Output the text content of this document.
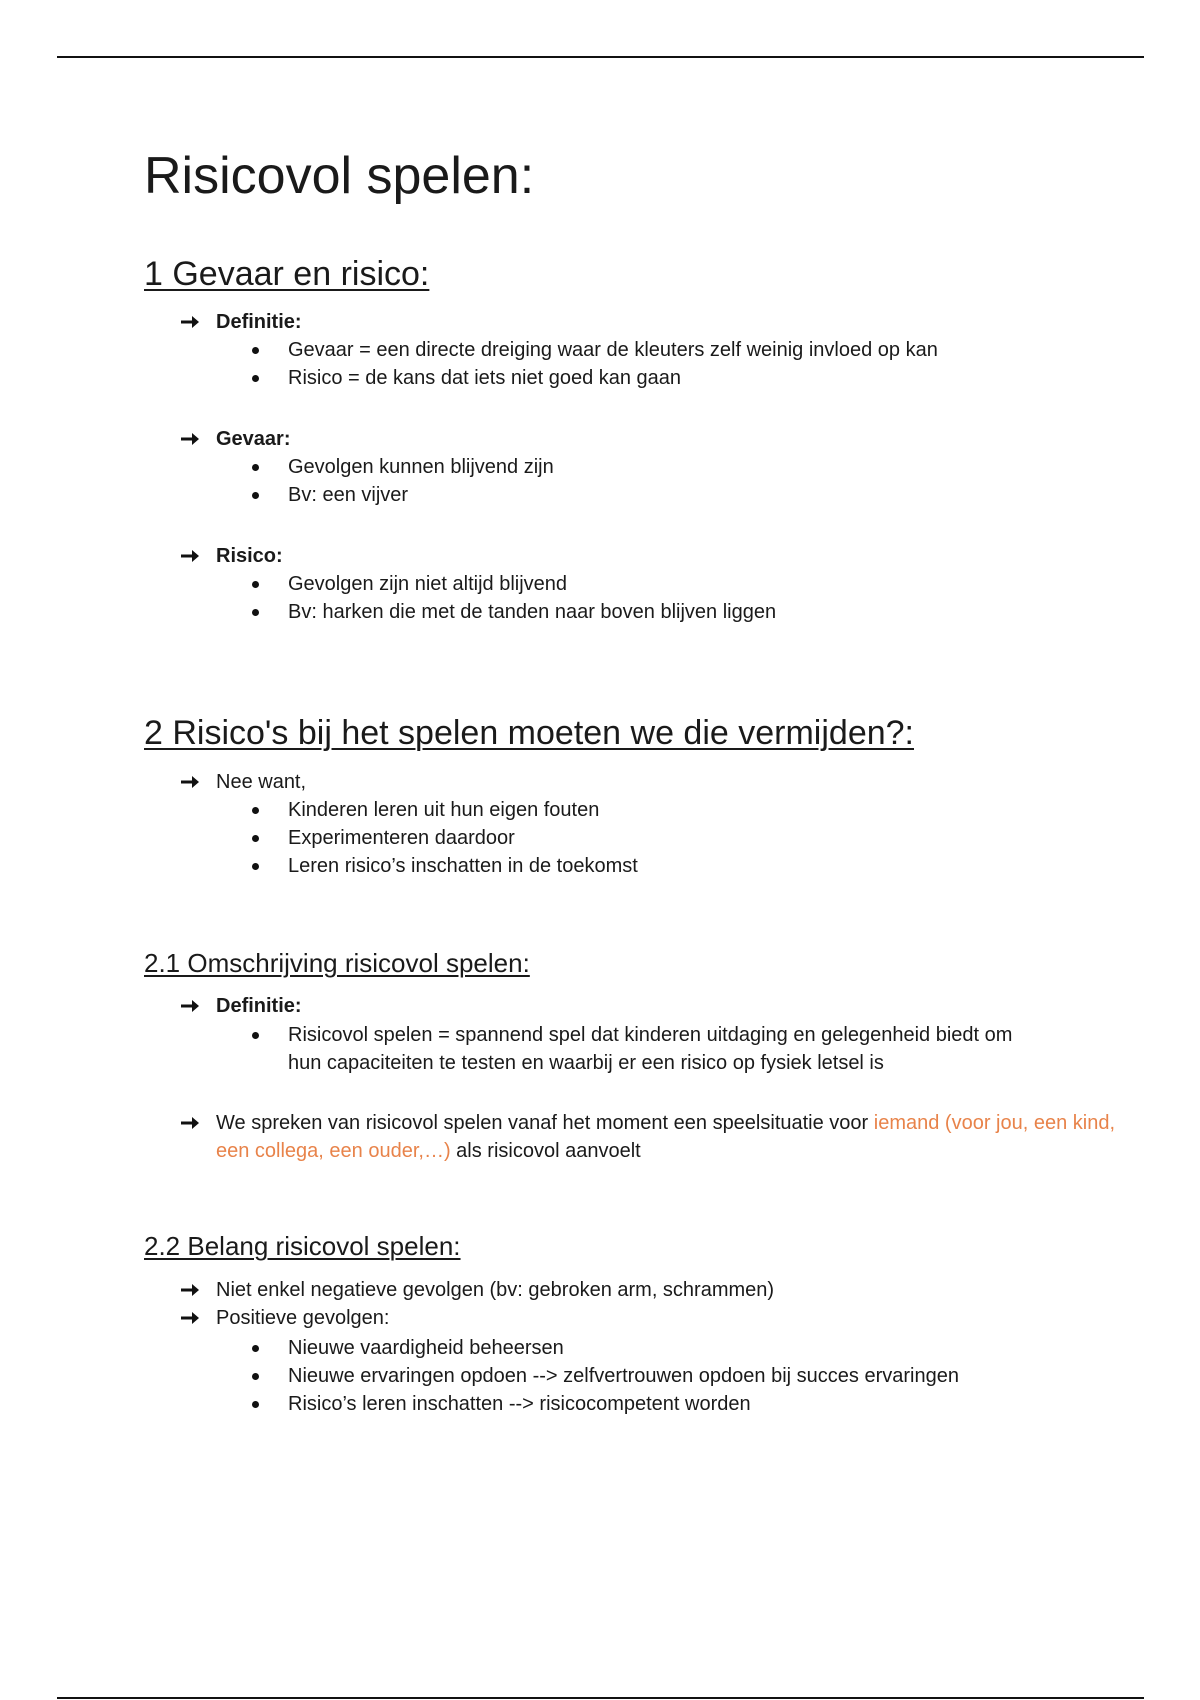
Risicovol spelen:
1 Gevaar en risico:
Definitie:
Gevaar = een directe dreiging waar de kleuters zelf weinig invloed op kan
Risico = de kans dat iets niet goed kan gaan
Gevaar:
Gevolgen kunnen blijvend zijn
Bv: een vijver
Risico:
Gevolgen zijn niet altijd blijvend
Bv: harken die met de tanden naar boven blijven liggen
2 Risico's bij het spelen moeten we die vermijden?:
Nee want,
Kinderen leren uit hun eigen fouten
Experimenteren daardoor
Leren risico’s inschatten in de toekomst
2.1 Omschrijving risicovol spelen:
Definitie:
Risicovol spelen = spannend spel dat kinderen uitdaging en gelegenheid biedt om hun capaciteiten te testen en waarbij er een risico op fysiek letsel is
We spreken van risicovol spelen vanaf het moment een speelsituatie voor iemand (voor jou, een kind, een collega, een ouder,…) als risicovol aanvoelt
2.2 Belang risicovol spelen:
Niet enkel negatieve gevolgen (bv: gebroken arm, schrammen)
Positieve gevolgen:
Nieuwe vaardigheid beheersen
Nieuwe ervaringen opdoen --> zelfvertrouwen opdoen bij succes ervaringen
Risico’s leren inschatten --> risicocompetent worden
